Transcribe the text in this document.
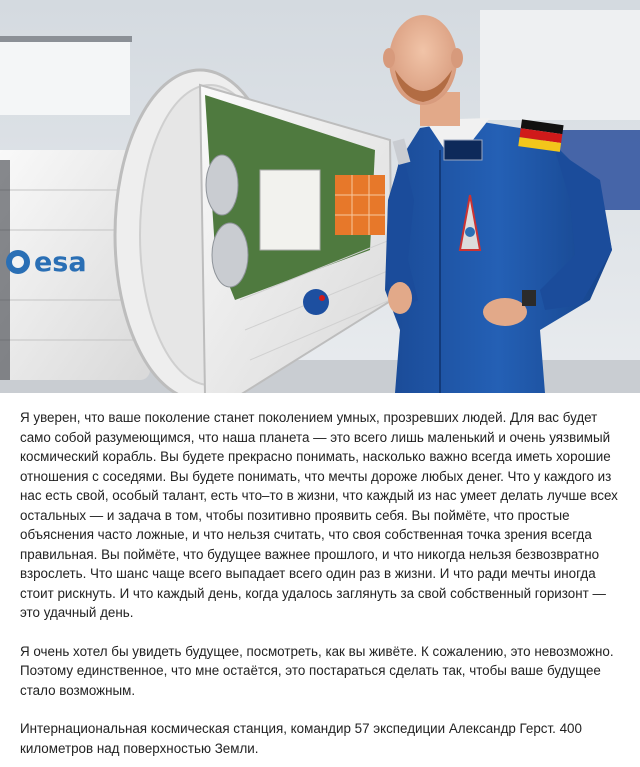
esa

Я уверен, что ваше поколение станет поколением умных, прозревших людей. Для вас будет само собой разумеющимся, что наша планета — это всего лишь маленький и очень уязвимый космический корабль. Вы будете прекрасно понимать, насколько важно всегда иметь хорошие отношения с соседями. Вы будете понимать, что мечты дороже любых денег. Что у каждого из нас есть свой, особый талант, есть что–то в жизни, что каждый из нас умеет делать лучше всех остальных — и задача в том, чтобы позитивно проявить себя. Вы поймёте, что простые объяснения часто ложные, и что нельзя считать, что своя собственная точка зрения всегда правильная. Вы поймёте, что будущее важнее прошлого, и что никогда нельзя безвозвратно взрослеть. Что шанс чаще всего выпадает всего один раз в жизни. И что ради мечты иногда стоит рискнуть. И что каждый день, когда удалось заглянуть за свой собственный горизонт — это удачный день.

Я очень хотел бы увидеть будущее, посмотреть, как вы живёте. К сожалению, это невозможно. Поэтому единственное, что мне остаётся, это постараться сделать так, чтобы ваше будущее стало возможным.

Интернациональная космическая станция, командир 57 экспедиции Александр Герст. 400 километров над поверхностью Земли.
